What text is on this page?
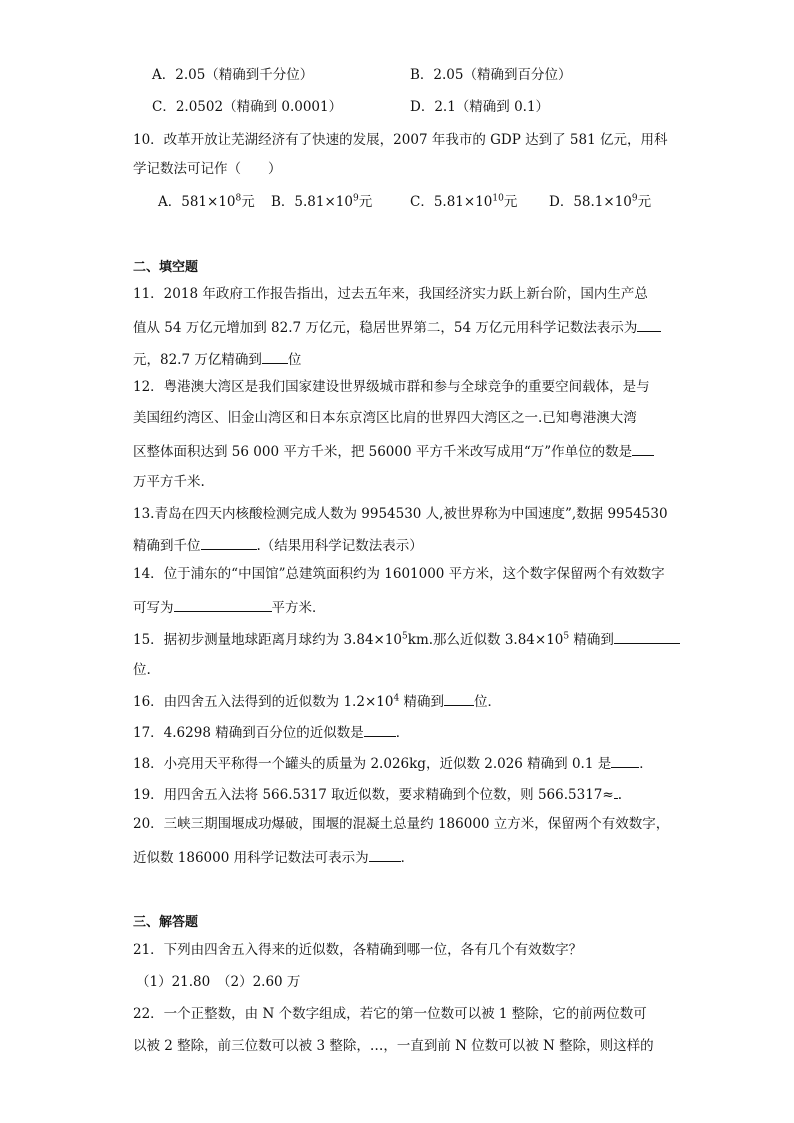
A．2.05（精确到千分位）	B．2.05（精确到百分位）
C．2.0502（精确到 0.0001）	D．2.1（精确到 0.1）
10．改革开放让芜湖经济有了快速的发展，2007 年我市的 GDP 达到了 581 亿元，用科
学记数法可记作（　　）
A．$581\times 10^8$元 B．$5.81\times 10^9$元	C．$5.81\times 10^{10}$元 D．$58.1\times 10^9$元
二、填空题
11．2018 年政府工作报告指出，过去五年来，我国经济实力跃上新台阶，国内生产总
值从 54 万亿元增加到 82.7 万亿元，稳居世界第二，54 万亿元用科学记数法表示为
元，82.7 万亿精确到 位
12．粤港澳大湾区是我们国家建设世界级城市群和参与全球竞争的重要空间载体，是与
美国纽约湾区、旧金山湾区和日本东京湾区比肩的世界四大湾区之一.已知粤港澳大湾
区整体面积达到 56 000 平方千米，把 56000 平方千米改写成用“万”作单位的数是
万平方千米.
13.青岛在四天内核酸检测完成人数为 9954530 人,被世界称为中国速度”,数据 9954530
精确到千位	.（结果用科学记数法表示）
14．位于浦东的“中国馆”总建筑面积约为 1601000 平方米，这个数字保留两个有效数字
可写为	平方米．
15．据初步测量地球距离月球约为 $3.84\times 10^5km$.那么近似数 $3.84\times 10^5$ 精确到
位.
16．由四舍五入法得到的近似数为 $1.2\times 10^4$ 精确到 位．
17．4.6298 精确到百分位的近似数是 ．
18．小亮用天平称得一个罐头的质量为 2.026kg，近似数 2.026 精确到 0.1 是 ．
19．用四舍五入法将 566.5317 取近似数，要求精确到个位数，则 566.5317≈ .
20．三峡三期围堰成功爆破，围堰的混凝土总量约 186000 立方米，保留两个有效数字，
近似数 186000 用科学记数法可表示为 ．
三、解答题
21．下列由四舍五入得来的近似数，各精确到哪一位，各有几个有效数字？
（1）21.80　（2）2.60 万
22．一个正整数，由 N 个数字组成，若它的第一位数可以被 1 整除，它的前两位数可
以被 2 整除，前三位数可以被 3 整除，…，一直到前 N 位数可以被 N 整除，则这样的
